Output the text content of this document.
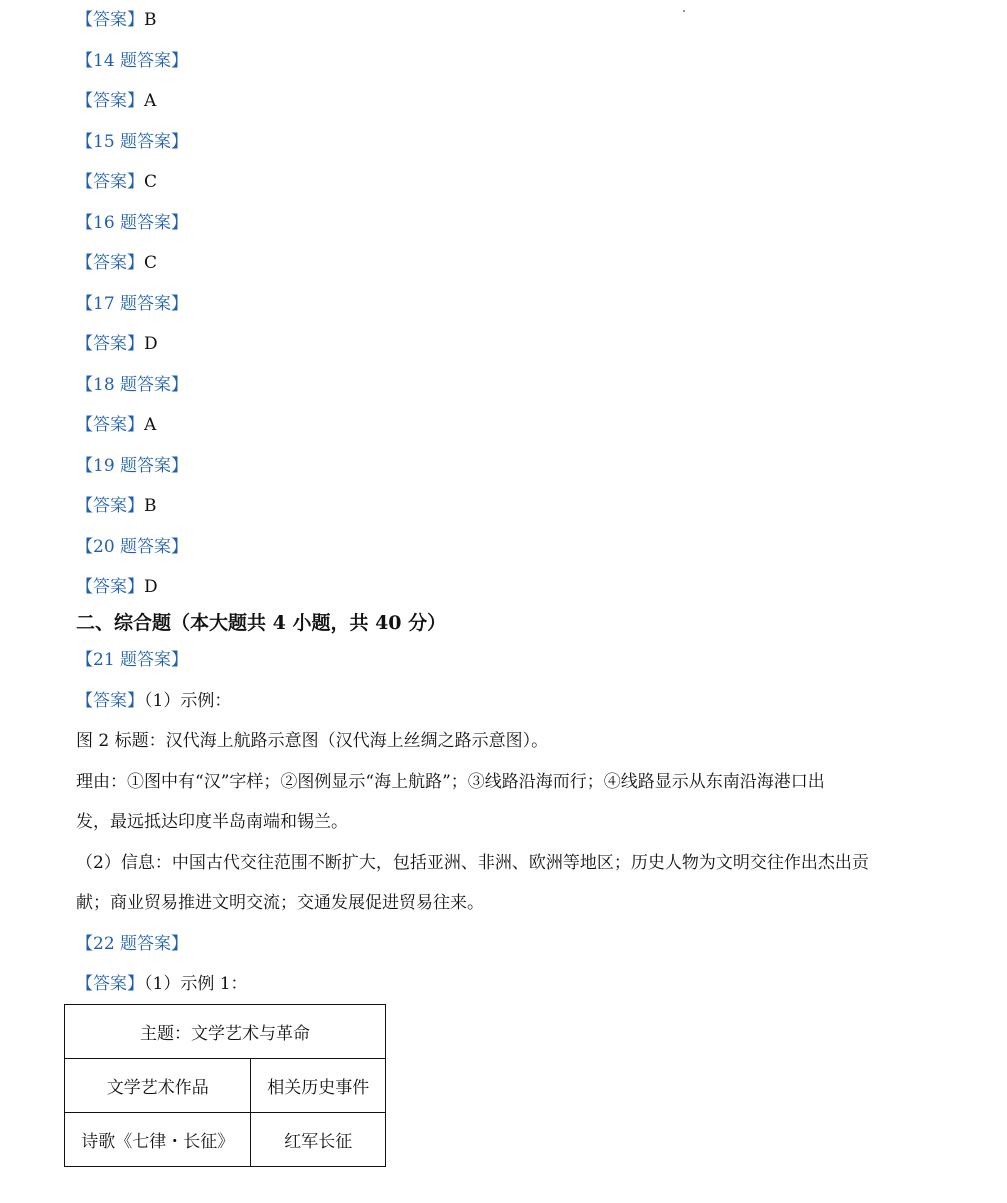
【答案】B
【14 题答案】
【答案】A
【15 题答案】
【答案】C
【16 题答案】
【答案】C
【17 题答案】
【答案】D
【18 题答案】
【答案】A
【19 题答案】
【答案】B
【20 题答案】
【答案】D
二、综合题（本大题共 4 小题，共 40 分）
【21 题答案】
【答案】（1）示例：
图 2 标题：汉代海上航路示意图（汉代海上丝绸之路示意图）。
理由：①图中有“汉”字样；②图例显示“海上航路”；③线路沿海而行；④线路显示从东南沿海港口出
发，最远抵达印度半岛南端和锡兰。
（2）信息：中国古代交往范围不断扩大，包括亚洲、非洲、欧洲等地区；历史人物为文明交往作出杰出贡
献；商业贸易推进文明交流；交通发展促进贸易往来。
【22 题答案】
【答案】（1）示例 1：
主题：文学艺术与革命	
文学艺术作品	相关历史事件
诗歌《七律・长征》	红军长征
